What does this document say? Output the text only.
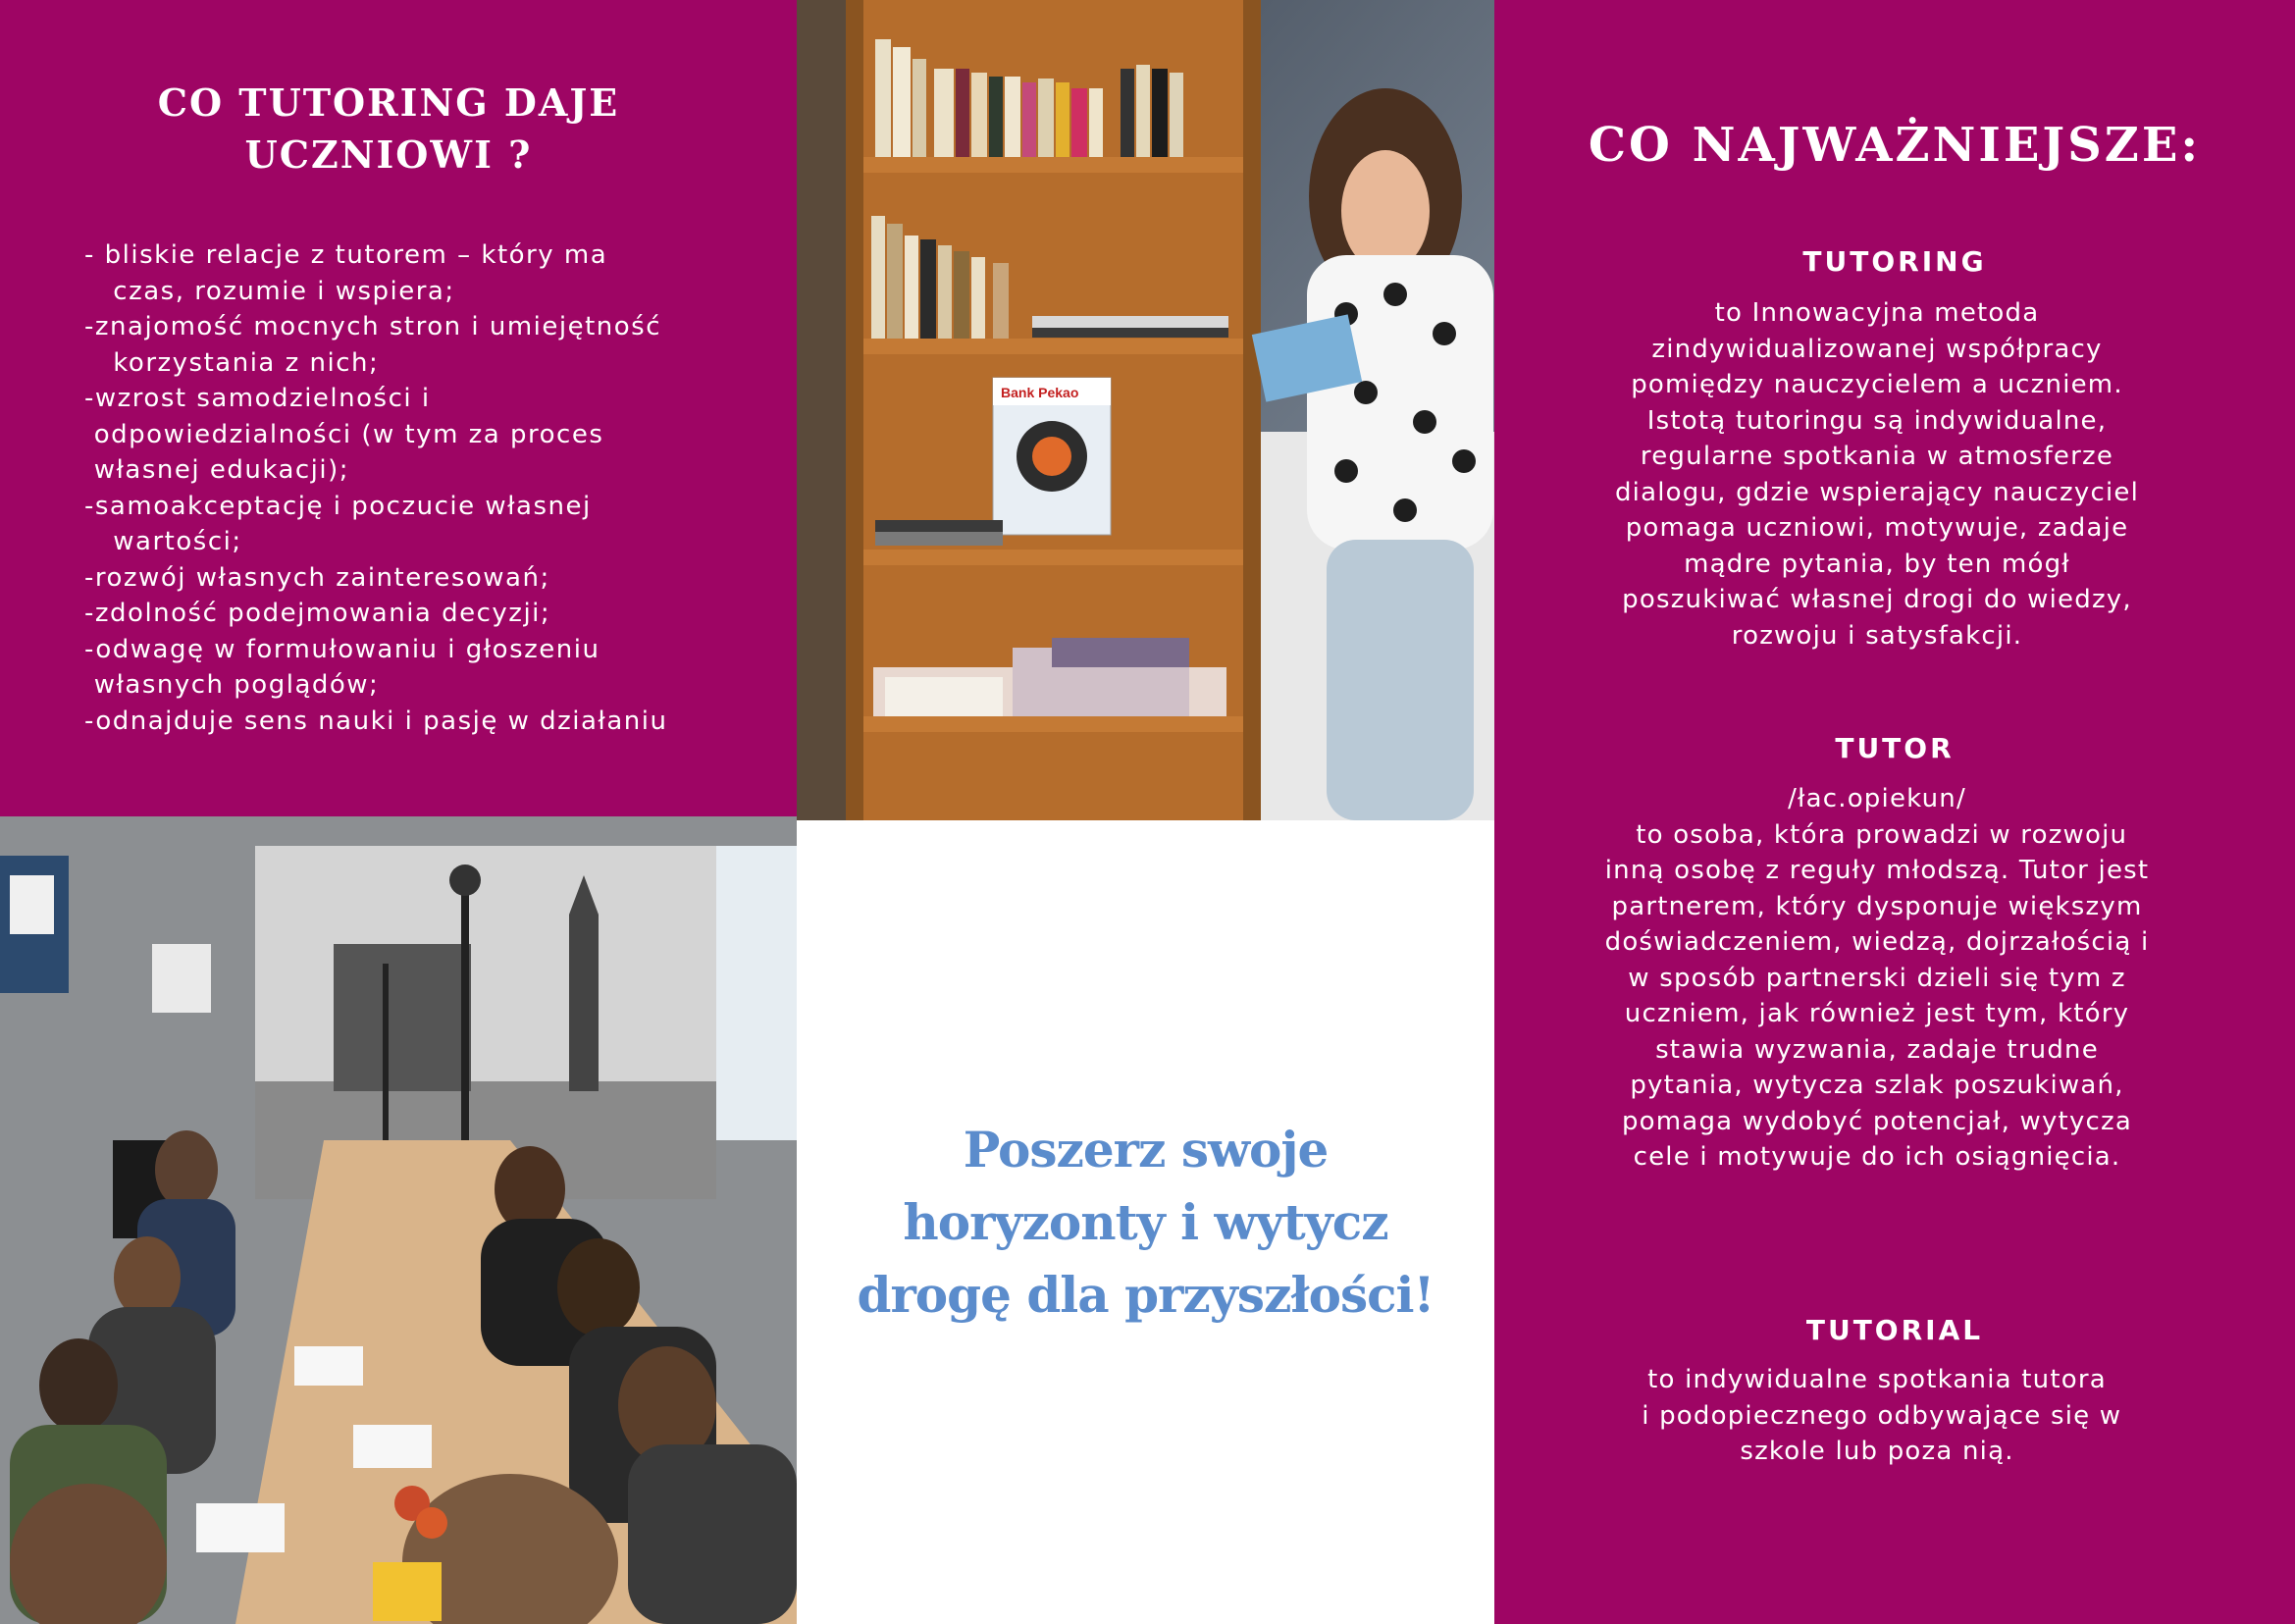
CO TUTORING DAJE UCZNIOWI ?
- bliskie relacje z tutorem – który ma
czas, rozumie i wspiera;
-znajomość mocnych stron i umiejętność
korzystania z nich;
-wzrost samodzielności i
odpowiedzialności (w tym za proces
własnej edukacji);
-samoakceptację i poczucie własnej
wartości;
-rozwój własnych zainteresowań;
-zdolność podejmowania decyzji;
-odwagę w formułowaniu i głoszeniu
własnych poglądów;
-odnajduje sens nauki i pasję w działaniu
Bank Pekao

Poszerz swoje horyzonty i wytycz drogę dla przyszłości!

CO NAJWAŻNIEJSZE:
TUTORING
to Innowacyjna metoda
zindywidualizowanej współpracy
pomiędzy nauczycielem a uczniem.
Istotą tutoringu są indywidualne,
regularne spotkania w atmosferze
dialogu, gdzie wspierający nauczyciel
pomaga uczniowi, motywuje, zadaje
mądre pytania, by ten mógł
poszukiwać własnej drogi do wiedzy,
rozwoju i satysfakcji.
TUTOR
/łac.opiekun/
to osoba, która prowadzi w rozwoju
inną osobę z reguły młodszą. Tutor jest
partnerem, który dysponuje większym
doświadczeniem, wiedzą, dojrzałością i
w sposób partnerski dzieli się tym z
uczniem, jak również jest tym, który
stawia wyzwania, zadaje trudne
pytania, wytycza szlak poszukiwań,
pomaga wydobyć potencjał, wytycza
cele i motywuje do ich osiągnięcia.
TUTORIAL
to indywidualne spotkania tutora
i podopiecznego odbywające się w
szkole lub poza nią.
